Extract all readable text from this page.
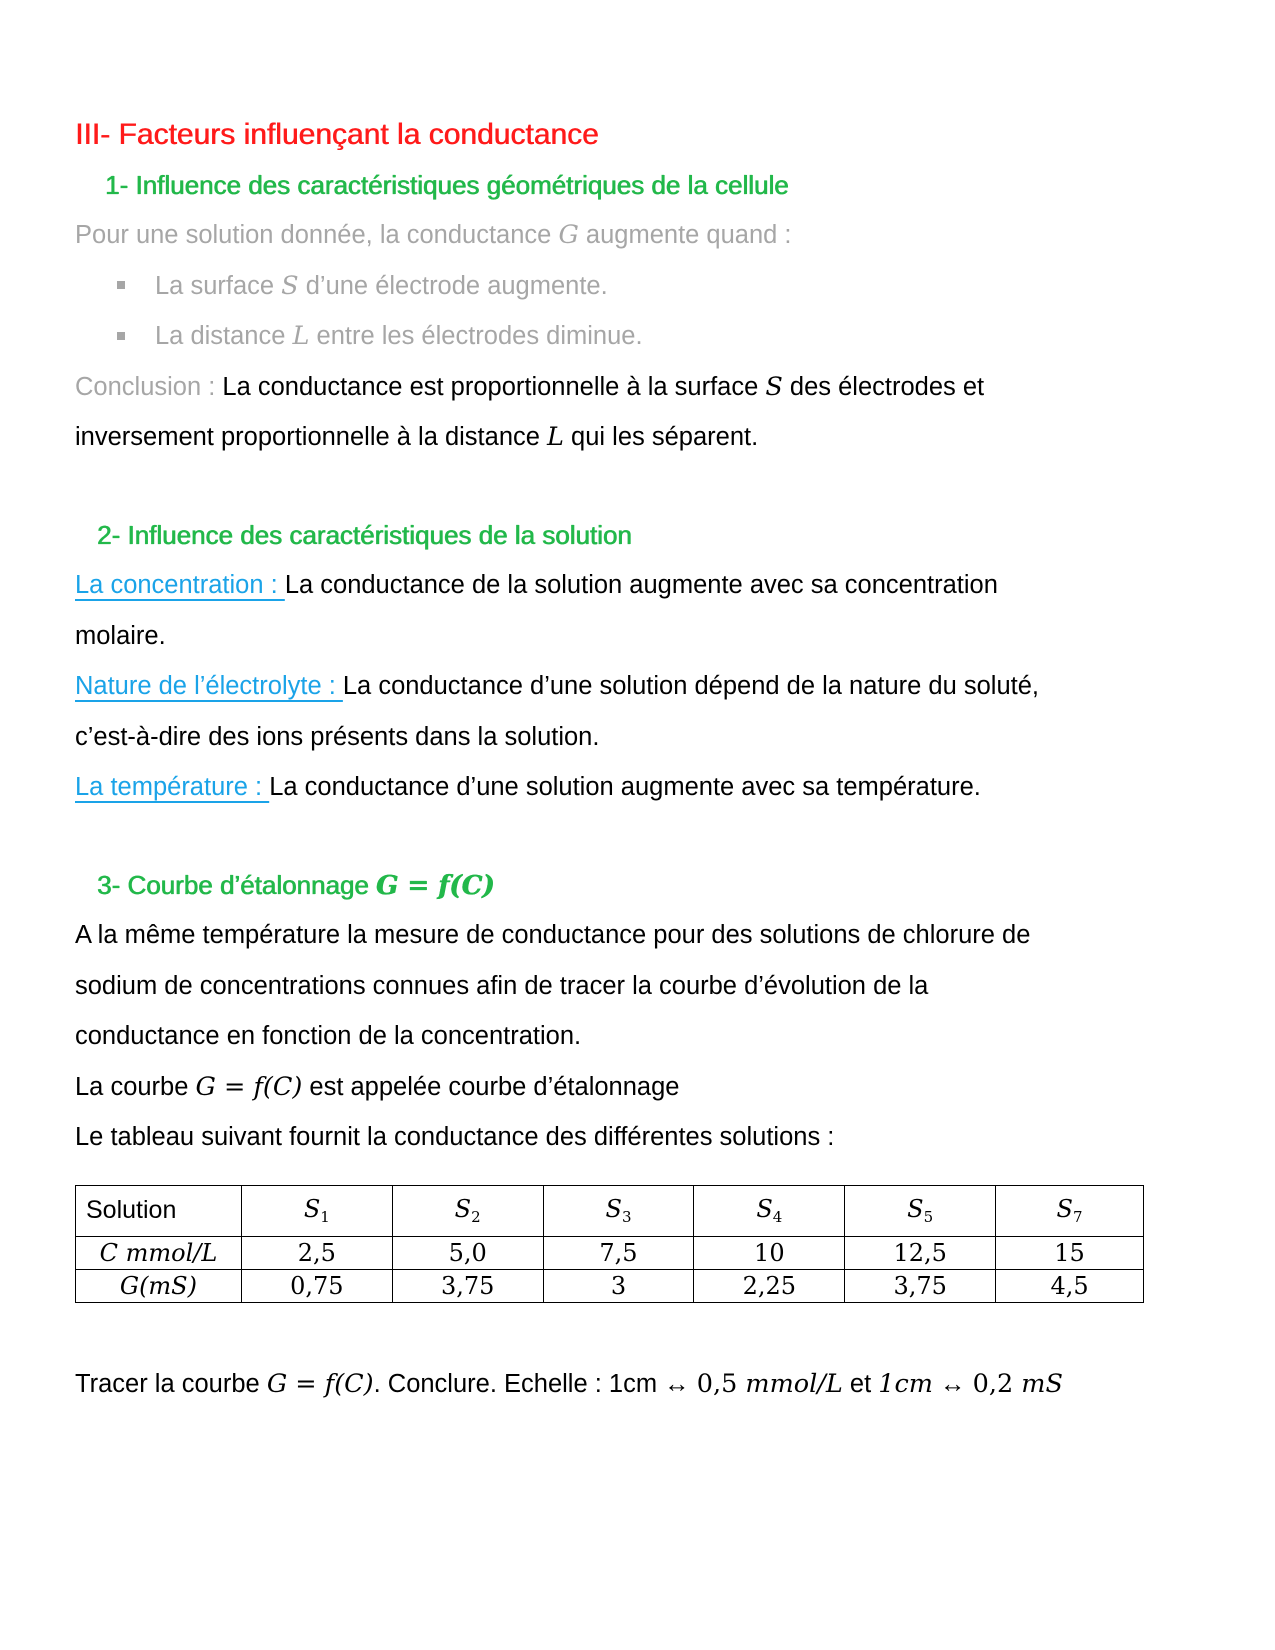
III- Facteurs influençant la conductance
1- Influence des caractéristiques géométriques de la cellule
Pour une solution donnée, la conductance G augmente quand :
La surface S d’une électrode augmente.
La distance L entre les électrodes diminue.
Conclusion : La conductance est proportionnelle à la surface S des électrodes et
inversement proportionnelle à la distance L qui les séparent.
2- Influence des caractéristiques de la solution
La concentration : La conductance de la solution augmente avec sa concentration
molaire.
Nature de l’électrolyte : La conductance d’une solution dépend de la nature du soluté,
c’est-à-dire des ions présents dans la solution.
La température : La conductance d’une solution augmente avec sa température.
3- Courbe d’étalonnage G = f(C)
A la même température la mesure de conductance pour des solutions de chlorure de
sodium de concentrations connues afin de tracer la courbe d’évolution de la
conductance en fonction de la concentration.
La courbe G = f(C) est appelée courbe d’étalonnage
Le tableau suivant fournit la conductance des différentes solutions :
Solution	$S_1$	$S_2$	$S_3$	$S_4$	$S_5$	$S_7$
C mmol/L	2,5	5,0	7,5	10	12,5	15
G(mS)	0,75	3,75	3	2,25	3,75	4,5
Tracer la courbe G = f(C). Conclure. Echelle : 1cm ↔ 0,5 mmol/L et 1cm ↔ 0,2 mS
